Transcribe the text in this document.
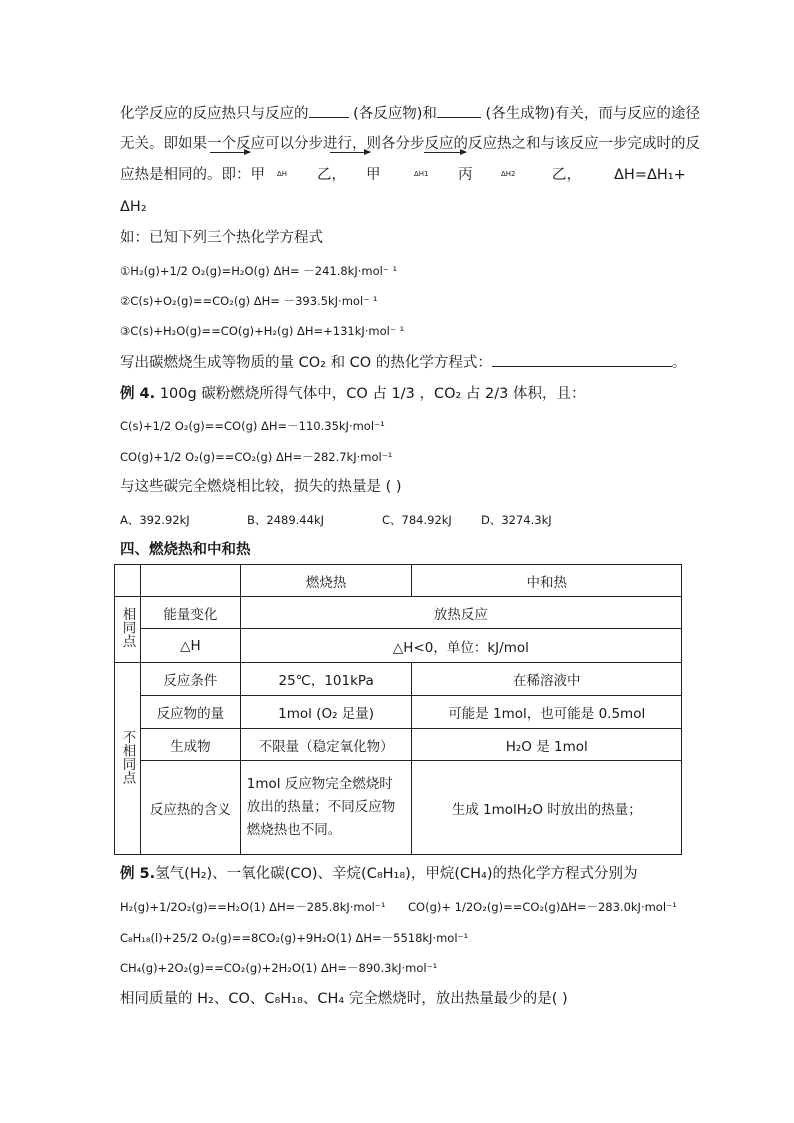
化学反应的反应热只与反应的	(各反应物)和	(各生成物)有关，而与反应的途径
无关。即如果一个反应可以分步进行，则各分步反应的反应热之和与该反应一步完成时的反
应热是相同的。即：甲 ΔH 乙， 甲	ΔH1 丙	ΔH2	乙， ΔH=ΔH₁+
ΔH₂
如：已知下列三个热化学方程式
①H₂(g)+1/2 O₂(g)=H₂O(g) ΔH= －241.8kJ·mol⁻ ¹
②C(s)+O₂(g)==CO₂(g) ΔH= －393.5kJ·mol⁻ ¹
③C(s)+H₂O(g)==CO(g)+H₂(g) ΔH=+131kJ·mol⁻ ¹
写出碳燃烧生成等物质的量 CO₂ 和 CO 的热化学方程式：	。
例 4. 100g 碳粉燃烧所得气体中，CO 占 1/3 ，CO₂ 占 2/3 体积，且：
C(s)+1/2 O₂(g)==CO(g) ΔH=－110.35kJ·mol⁻¹
CO(g)+1/2 O₂(g)==CO₂(g) ΔH=－282.7kJ·mol⁻¹
与这些碳完全燃烧相比较，损失的热量是 ( )
A、392.92kJ	B、2489.44kJ	C、784.92kJ	D、3274.3kJ
四、燃烧热和中和热
		燃烧热	中和热
相同点	能量变化	放热反应	
	△H	△H<0，单位：kJ/mol	
不相同点	反应条件	25℃，101kPa	在稀溶液中
	反应物的量	1mol (O₂ 足量)	可能是 1mol，也可能是 0.5mol
	生成物	不限量（稳定氧化物）	H₂O 是 1mol
	反应热的含义	1mol 反应物完全燃烧时放出的热量；不同反应物燃烧热也不同。	生成 1molH₂O 时放出的热量；
例 5.氢气(H₂)、一氧化碳(CO)、辛烷(C₈H₁₈)，甲烷(CH₄)的热化学方程式分别为
H₂(g)+1/2O₂(g)==H₂O(1) ΔH=－285.8kJ·mol⁻¹ CO(g)+ 1/2O₂(g)==CO₂(g)ΔH=－283.0kJ·mol⁻¹
C₈H₁₈(l)+25/2 O₂(g)==8CO₂(g)+9H₂O(1) ΔH=－5518kJ·mol⁻¹
CH₄(g)+2O₂(g)==CO₂(g)+2H₂O(1) ΔH=－890.3kJ·mol⁻¹
相同质量的 H₂、CO、C₈H₁₈、CH₄ 完全燃烧时，放出热量最少的是( )
